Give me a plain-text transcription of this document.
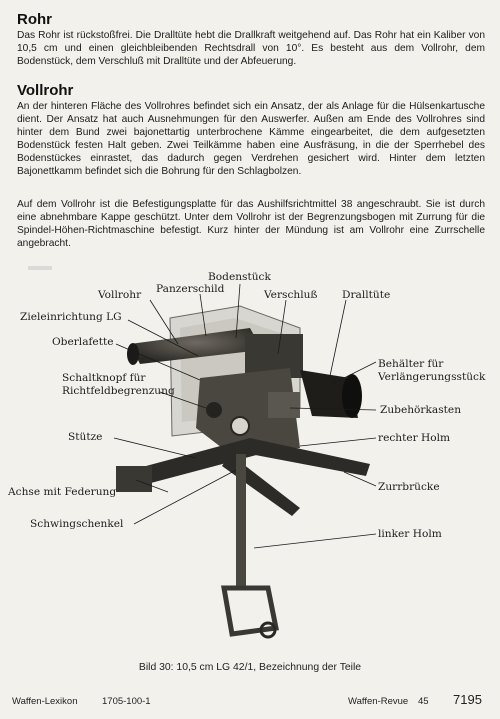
Rohr

Das Rohr ist rückstoßfrei. Die Dralltüte hebt die Drallkraft weitgehend auf. Das Rohr hat ein Kaliber von 10,5 cm und einen gleichbleibenden Rechtsdrall von 10°. Es besteht aus dem Vollrohr, dem Bodenstück, dem Verschluß mit Dralltüte und der Abfeuerung.

Vollrohr

An der hinteren Fläche des Vollrohres befindet sich ein Ansatz, der als Anlage für die Hülsenkartusche dient. Der Ansatz hat auch Ausnehmungen für den Auswerfer. Außen am Ende des Vollrohres sind hinter dem Bund zwei bajonettartig unterbrochene Kämme eingearbeitet, die dem aufgesetzten Bodenstück festen Halt geben. Zwei Teilkämme haben eine Ausfräsung, in die der Sperrhebel des Bodenstückes einrastet, das dadurch gegen Verdrehen gesichert wird. Hinter dem letzten Bajonettkamm befindet sich die Bohrung für den Schlagbolzen.

Auf dem Vollrohr ist die Befestigungsplatte für das Aushilfsrichtmittel 38 angeschraubt. Sie ist durch eine abnehmbare Kappe geschützt. Unter dem Vollrohr ist der Begrenzungsbogen mit Zurrung für die Spindel-Höhen-Richtmaschine befestigt. Kurz hinter der Mündung ist am Vollrohr eine Zurrschelle angebracht.

Bodenstück
Vollrohr Panzerschild	Verschluß Dralltüte
Zieleinrichtung LG
Oberlafette
Behälter für
Verlängerungsstück
Schaltknopf für
Richtfeldbegrenzung
Zubehörkasten
Stütze	rechter Holm
Achse mit Federung	Zurrbrücke
Schwingschenkel
linker Holm
Bild 30: 10,5 cm LG 42/1, Bezeichnung der Teile
Waffen-Lexikon	1705-100-1	Waffen-Revue 45 7195
